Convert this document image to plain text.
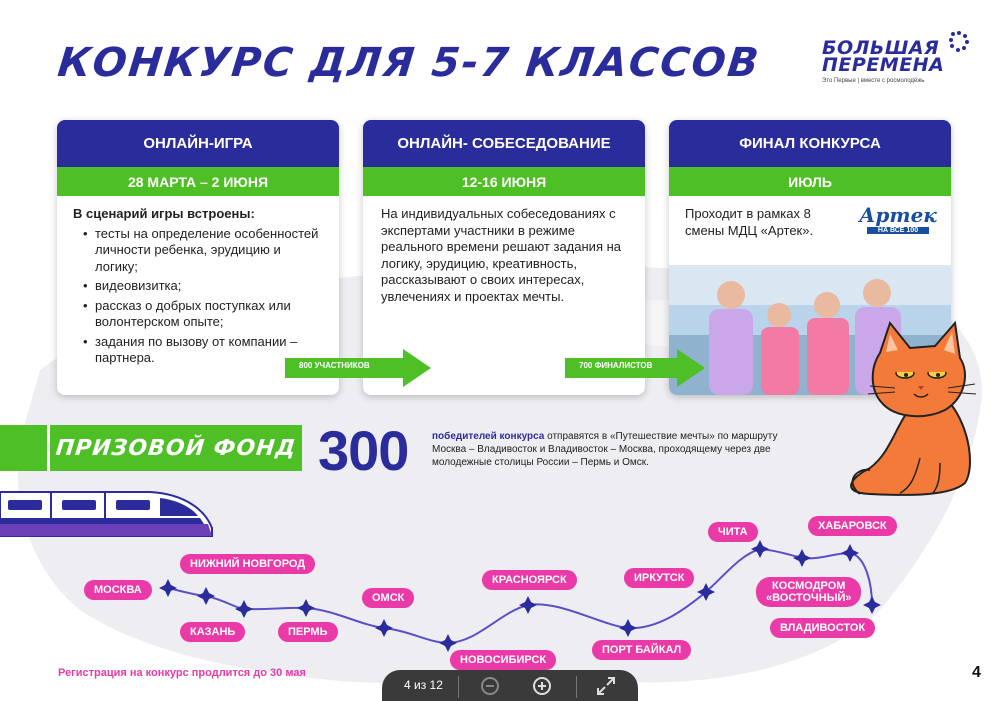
КОНКУРС ДЛЯ 5-7 КЛАССОВ	БОЛЬШАЯ
ПЕРЕМЕНА
Это Первые | вместе с росмолодёжь
ОНЛАЙН-ИГРА
28 МАРТА – 2 ИЮНЯ

В сценарий игры встроены:

• тесты на определение особенностей личности ребенка, эрудицию и логику;
• видеовизитка;
• рассказ о добрых поступках или волонтерском опыте;
• задания по вызову от компании – партнера.
ОНЛАЙН- СОБЕСЕДОВАНИЕ
12-16 ИЮНЯ

На индивидуальных собеседованиях с экспертами участники в режиме реального времени решают задания на логику, эрудицию, креативность, рассказывают о своих интересах, увлечениях и проектах мечты.

ФИНАЛ КОНКУРСА
ИЮЛЬ

Проходит в рамках 8 смены МДЦ «Артек».

Артек
НА ВСЕ 100
800 УЧАСТНИКОВ	700 ФИНАЛИСТОВ
ПРИЗОВОЙ ФОНД 300 победителей конкурса отправятся в «Путешествие мечты» по маршруту Москва – Владивосток и Владивосток – Москва, проходящему через две молодежные столицы России – Пермь и Омск.
МОСКВА
НИЖНИЙ НОВГОРОД
КАЗАНЬ	ПЕРМЬ
ОМСК
НОВОСИБИРСК
КРАСНОЯРСК
ПОРТ БАЙКАЛ
ИРКУТСК
ЧИТА	ХАБАРОВСК
КОСМОДРОМ
«ВОСТОЧНЫЙ»
ВЛАДИВОСТОК
Регистрация на конкурс продлится до 30 мая	4
4 из 12
